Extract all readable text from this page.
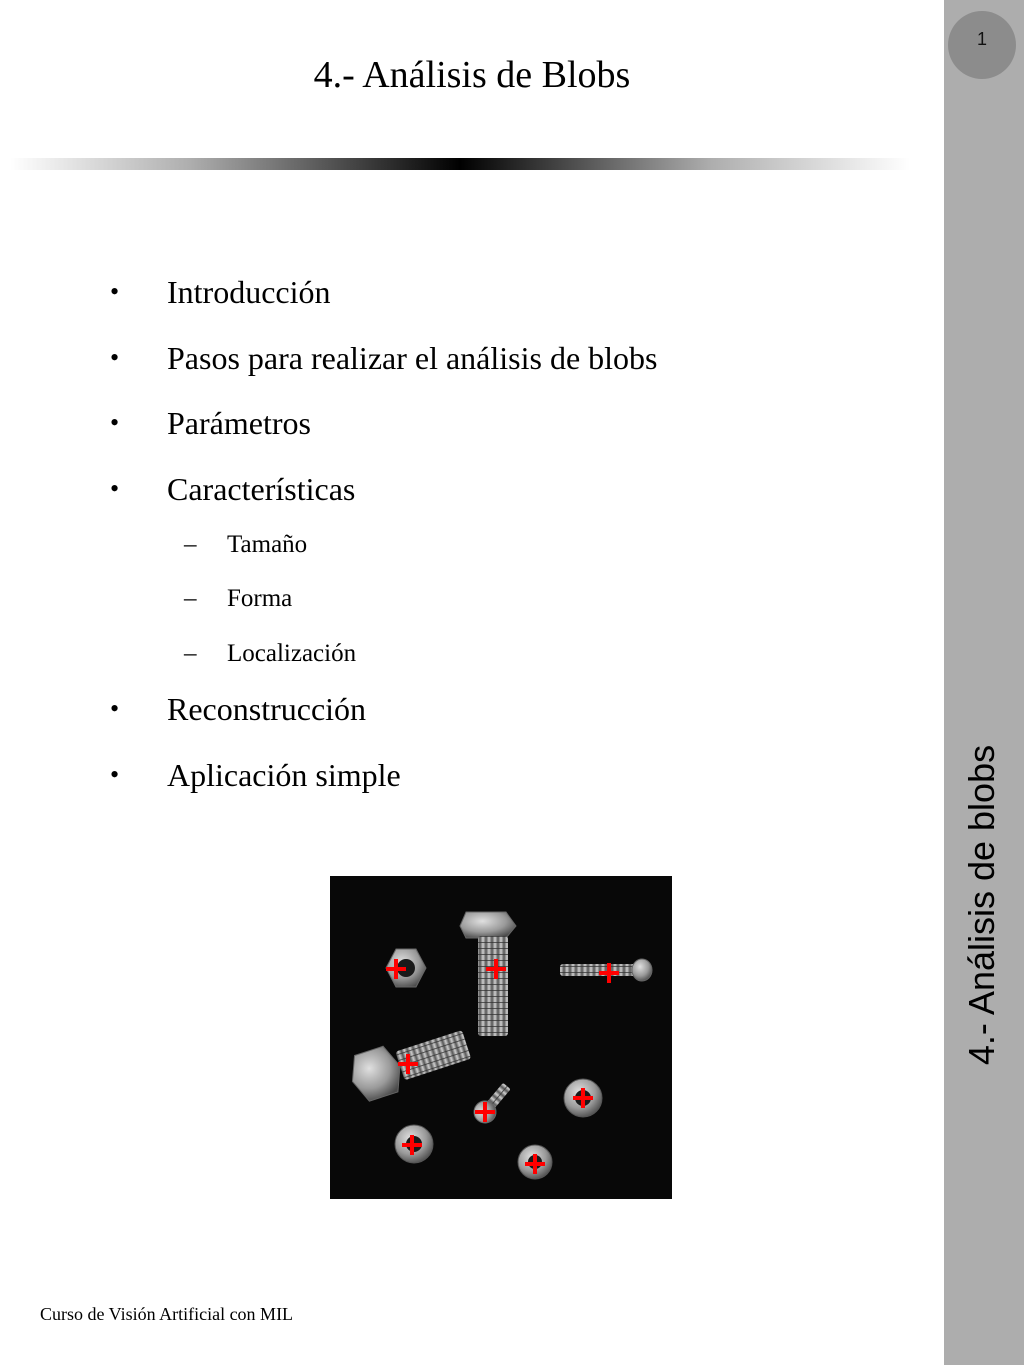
4.- Análisis de Blobs
1
4.- Análisis de blobs
•	Introducción
•	Pasos para realizar el análisis de blobs
•	Parámetros
•	Características
– Tamaño
– Forma
– Localización
•	Reconstrucción
•	Aplicación simple
Curso de Visión Artificial con MIL
